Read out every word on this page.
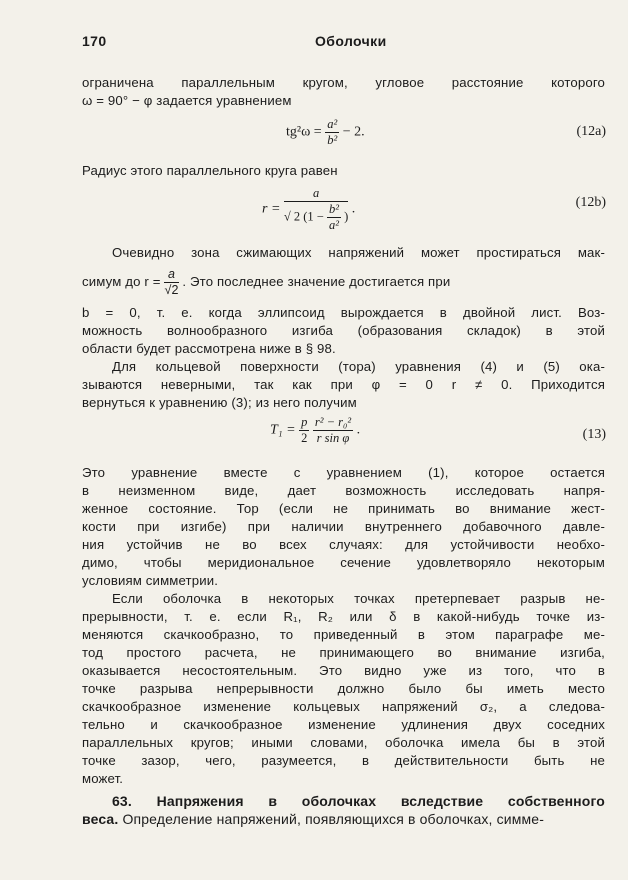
170	Оболочки
ограничена параллельным кругом, угловое расстояние которого
ω = 90° − φ задается уравнением
$tg^2\omega = \frac{\text{a²}}{\text{b²}} - 2$.	(12a)
Радиус этого параллельного круга равен
r =
a
√ 2 ($1 - \frac{\text{b²}}{\text{a²}}$ ) .	(12b)
Очевидно зона сжимающих напряжений может простираться мак-
симум до $r = \frac{a}{√2}$ . Это последнее значение достигается при
b = 0, т. е. когда эллипсоид вырождается в двойной лист. Воз-
можность волнообразного изгиба (образования складок) в этой
области будет рассмотрена ниже в § 98.
Для кольцевой поверхности (тора) уравнения (4) и (5) ока-
зываются неверными, так как при φ = 0 r ≠ 0. Приходится
вернуться к уравнению (3); из него получим
$T_1 = \frac{p}{2}$
$\frac{\text{r² − r₀²}}{\text{r sin φ}}$ .	(13)
Это уравнение вместе с уравнением (1), которое остается
в неизменном виде, дает возможность исследовать напря-
женное состояние. Тор (если не принимать во внимание жест-
кости при изгибе) при наличии внутреннего добавочного давле-
ния устойчив не во всех случаях: для устойчивости необхо-
димо, чтобы меридиональное сечение удовлетворяло некоторым
условиям симметрии.
Если оболочка в некоторых точках претерпевает разрыв не-
прерывности, т. е. если R₁, R₂ или δ в какой-нибудь точке из-
меняются скачкообразно, то приведенный в этом параграфе ме-
тод простого расчета, не принимающего во внимание изгиба,
оказывается несостоятельным. Это видно уже из того, что в
точке разрыва непрерывности должно было бы иметь место
скачкообразное изменение кольцевых напряжений σ₂, а следова-
тельно и скачкообразное изменение удлинения двух соседних
параллельных кругов; иными словами, оболочка имела бы в этой
точке зазор, чего, разумеется, в действительности быть не
может.
63. Напряжения в оболочках вследствие собственного
веса. Определение напряжений, появляющихся в оболочках, симме-
